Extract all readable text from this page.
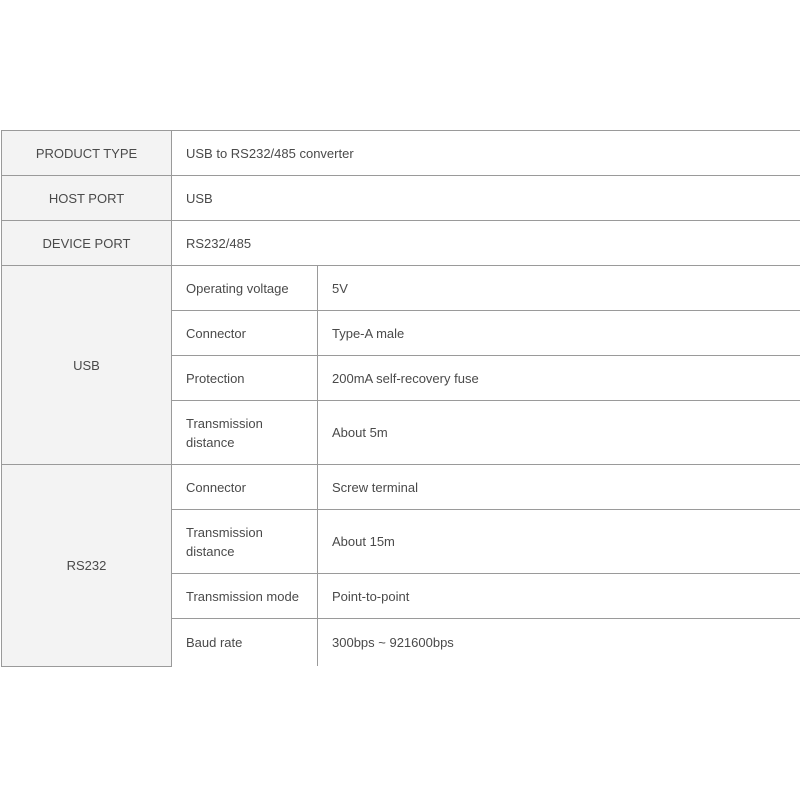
PRODUCT TYPE	USB to RS232/485 converter	
HOST PORT	USB	
DEVICE PORT	RS232/485	
USB	Operating voltage	5V
	Connector	Type-A male
	Protection	200mA self-recovery fuse
	Transmission distance	About 5m
RS232	Connector	Screw terminal
	Transmission distance	About 15m
	Transmission mode	Point-to-point
	Baud rate	300bps ~ 921600bps
